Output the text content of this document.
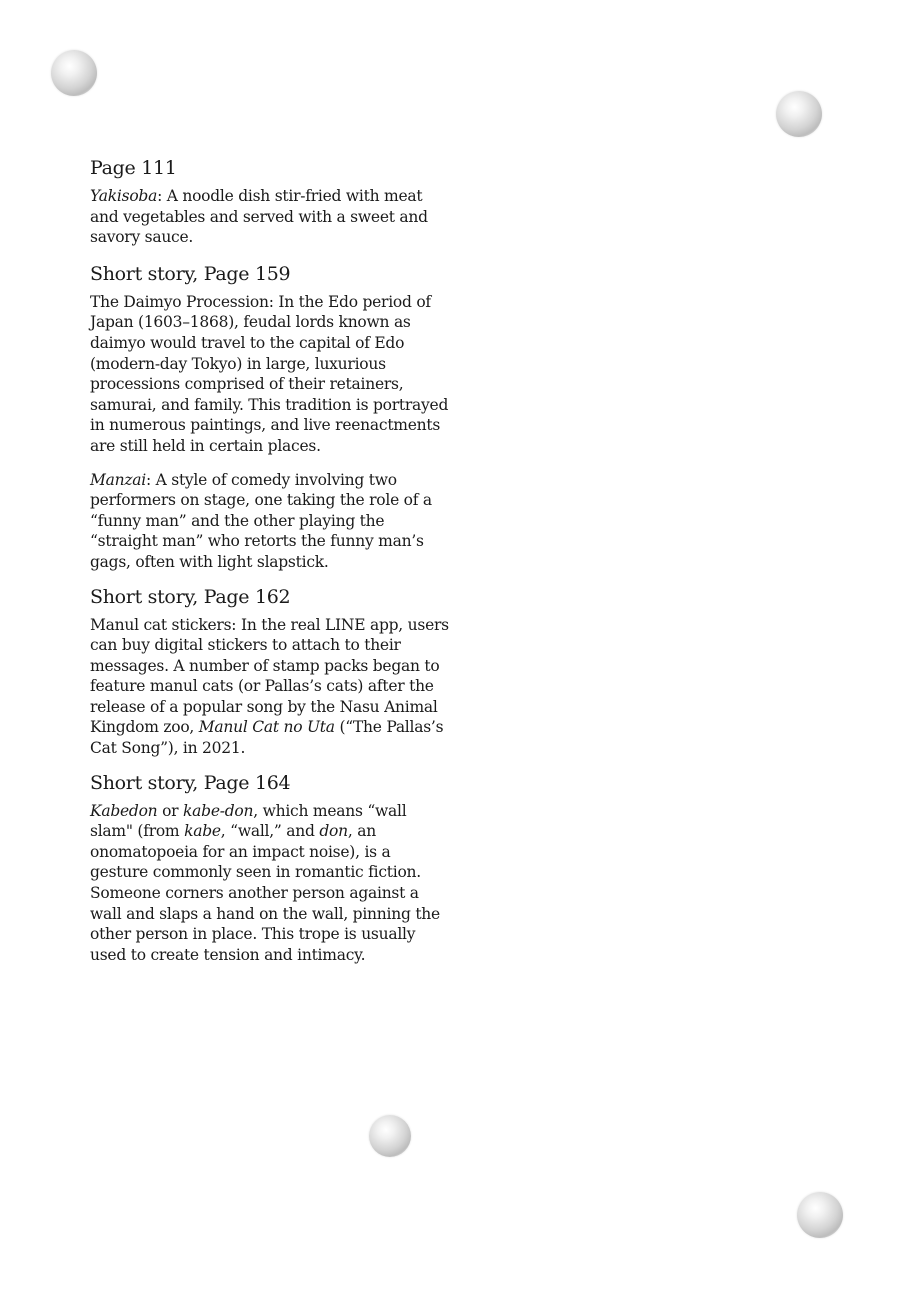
Page 111

Yakisoba: A noodle dish stir-fried with meat and vegetables and served with a sweet and savory sauce.

Short story, Page 159

The Daimyo Procession: In the Edo period of Japan (1603–1868), feudal lords known as daimyo would travel to the capital of Edo (modern-day Tokyo) in large, luxurious processions comprised of their retainers, samurai, and family. This tradition is portrayed in numerous paintings, and live reenactments are still held in certain places.

Manzai: A style of comedy involving two performers on stage, one taking the role of a “funny man” and the other playing the “straight man” who retorts the funny man’s gags, often with light slapstick.

Short story, Page 162

Manul cat stickers: In the real LINE app, users can buy digital stickers to attach to their messages. A number of stamp packs began to feature manul cats (or Pallas’s cats) after the release of a popular song by the Nasu Animal Kingdom zoo, Manul Cat no Uta (“The Pallas’s Cat Song”), in 2021.

Short story, Page 164

Kabedon or kabe-don, which means “wall slam" (from kabe, “wall,” and don, an onomatopoeia for an impact noise), is a gesture commonly seen in romantic fiction. Someone corners another person against a wall and slaps a hand on the wall, pinning the other person in place. This trope is usually used to create tension and intimacy.
